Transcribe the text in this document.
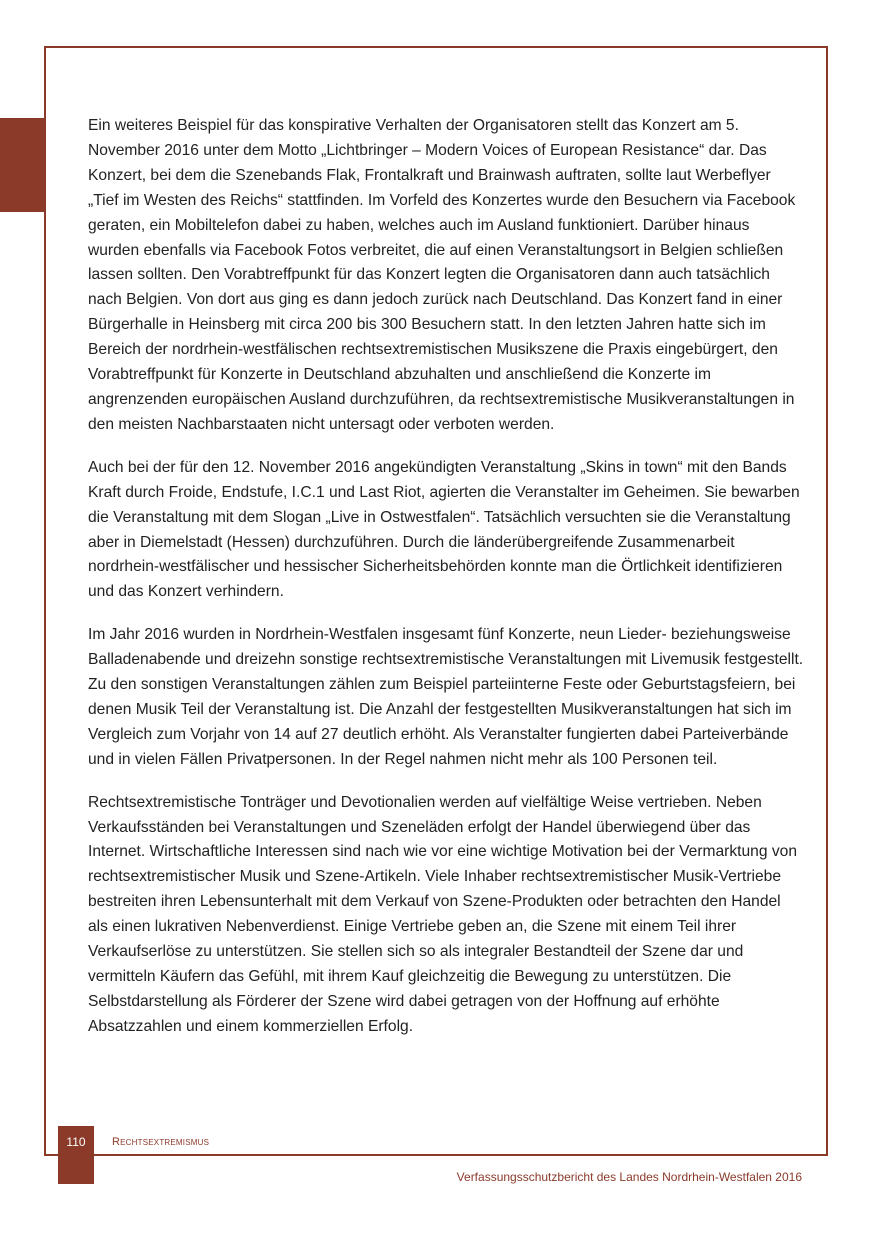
Ein weiteres Beispiel für das konspirative Verhalten der Organisatoren stellt das Konzert am 5. November 2016 unter dem Motto „Lichtbringer – Modern Voices of European Resistance“ dar. Das Konzert, bei dem die Szenebands Flak, Frontalkraft und Brainwash auftraten, sollte laut Werbeflyer „Tief im Westen des Reichs“ stattfinden. Im Vorfeld des Konzertes wurde den Besuchern via Facebook geraten, ein Mobiltelefon dabei zu haben, welches auch im Ausland funktioniert. Darüber hinaus wurden ebenfalls via Facebook Fotos verbreitet, die auf einen Veranstaltungsort in Belgien schließen lassen sollten. Den Vorabtreffpunkt für das Konzert legten die Organisatoren dann auch tatsächlich nach Belgien. Von dort aus ging es dann jedoch zurück nach Deutschland. Das Konzert fand in einer Bürgerhalle in Heinsberg mit circa 200 bis 300 Besuchern statt. In den letzten Jahren hatte sich im Bereich der nordrhein-westfälischen rechtsextremistischen Musikszene die Praxis eingebürgert, den Vorabtreffpunkt für Konzerte in Deutschland abzuhalten und anschließend die Konzerte im angrenzenden europäischen Ausland durchzuführen, da rechtsextremistische Musikveranstaltungen in den meisten Nachbarstaaten nicht untersagt oder verboten werden.

Auch bei der für den 12. November 2016 angekündigten Veranstaltung „Skins in town“ mit den Bands Kraft durch Froide, Endstufe, I.C.1 und Last Riot, agierten die Veranstalter im Geheimen. Sie bewarben die Veranstaltung mit dem Slogan „Live in Ostwestfalen“. Tatsächlich versuchten sie die Veranstaltung aber in Diemelstadt (Hessen) durchzuführen. Durch die länderübergreifende Zusammenarbeit nordrhein-westfälischer und hessischer Sicherheitsbehörden konnte man die Örtlichkeit identifizieren und das Konzert verhindern.

Im Jahr 2016 wurden in Nordrhein-Westfalen insgesamt fünf Konzerte, neun Lieder- beziehungsweise Balladenabende und dreizehn sonstige rechtsextremistische Veranstaltungen mit Livemusik festgestellt. Zu den sonstigen Veranstaltungen zählen zum Beispiel parteiinterne Feste oder Geburtstagsfeiern, bei denen Musik Teil der Veranstaltung ist. Die Anzahl der festgestellten Musikveranstaltungen hat sich im Vergleich zum Vorjahr von 14 auf 27 deutlich erhöht. Als Veranstalter fungierten dabei Parteiverbände und in vielen Fällen Privatpersonen. In der Regel nahmen nicht mehr als 100 Personen teil.

Rechtsextremistische Tonträger und Devotionalien werden auf vielfältige Weise vertrieben. Neben Verkaufsständen bei Veranstaltungen und Szeneläden erfolgt der Handel überwiegend über das Internet. Wirtschaftliche Interessen sind nach wie vor eine wichtige Motivation bei der Vermarktung von rechtsextremistischer Musik und Szene-Artikeln. Viele Inhaber rechtsextremistischer Musik-Vertriebe bestreiten ihren Lebensunterhalt mit dem Verkauf von Szene-Produkten oder betrachten den Handel als einen lukrativen Nebenverdienst. Einige Vertriebe geben an, die Szene mit einem Teil ihrer Verkaufserlöse zu unterstützen. Sie stellen sich so als integraler Bestandteil der Szene dar und vermitteln Käufern das Gefühl, mit ihrem Kauf gleichzeitig die Bewegung zu unterstützen. Die Selbstdarstellung als Förderer der Szene wird dabei getragen von der Hoffnung auf erhöhte Absatzzahlen und einem kommerziellen Erfolg.

110	Rechtsextremismus
Verfassungsschutzbericht des Landes Nordrhein-Westfalen 2016
